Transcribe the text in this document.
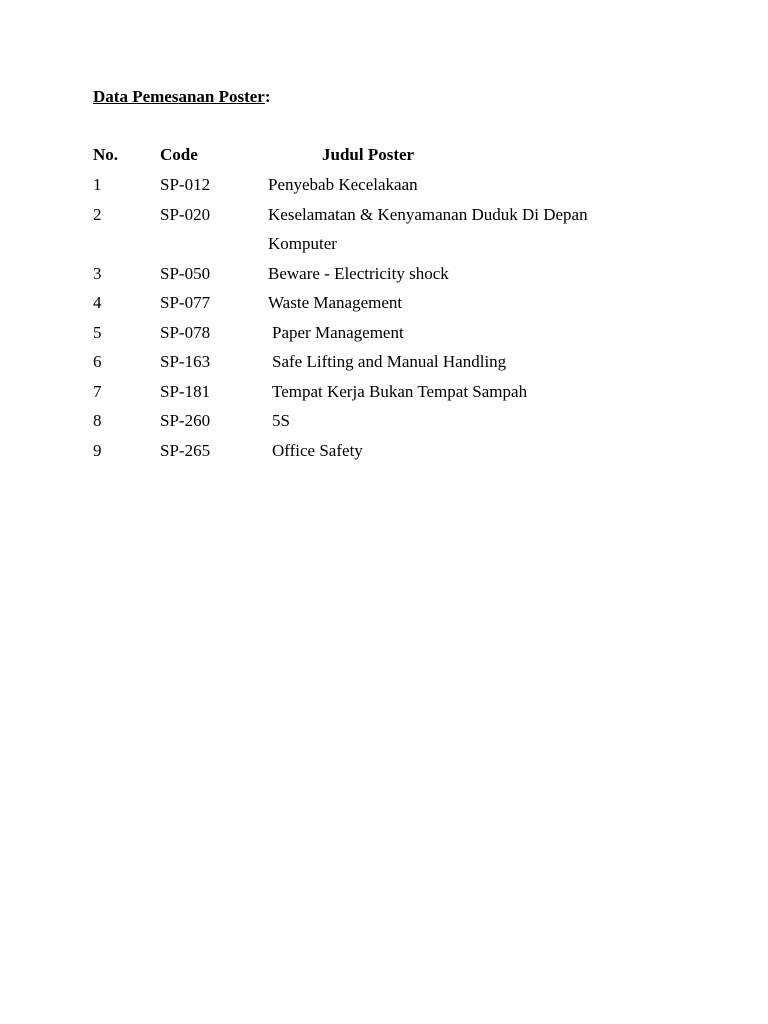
Data Pemesanan Poster:
No. Code	Judul Poster
1	SP-012	Penyebab Kecelakaan
2	SP-020	Keselamatan & Kenyamanan Duduk Di Depan
Komputer
3	SP-050	Beware - Electricity shock
4	SP-077	Waste Management
5	SP-078	Paper Management
6	SP-163	Safe Lifting and Manual Handling
7	SP-181	Tempat Kerja Bukan Tempat Sampah
8	SP-260	5S
9	SP-265	Office Safety
